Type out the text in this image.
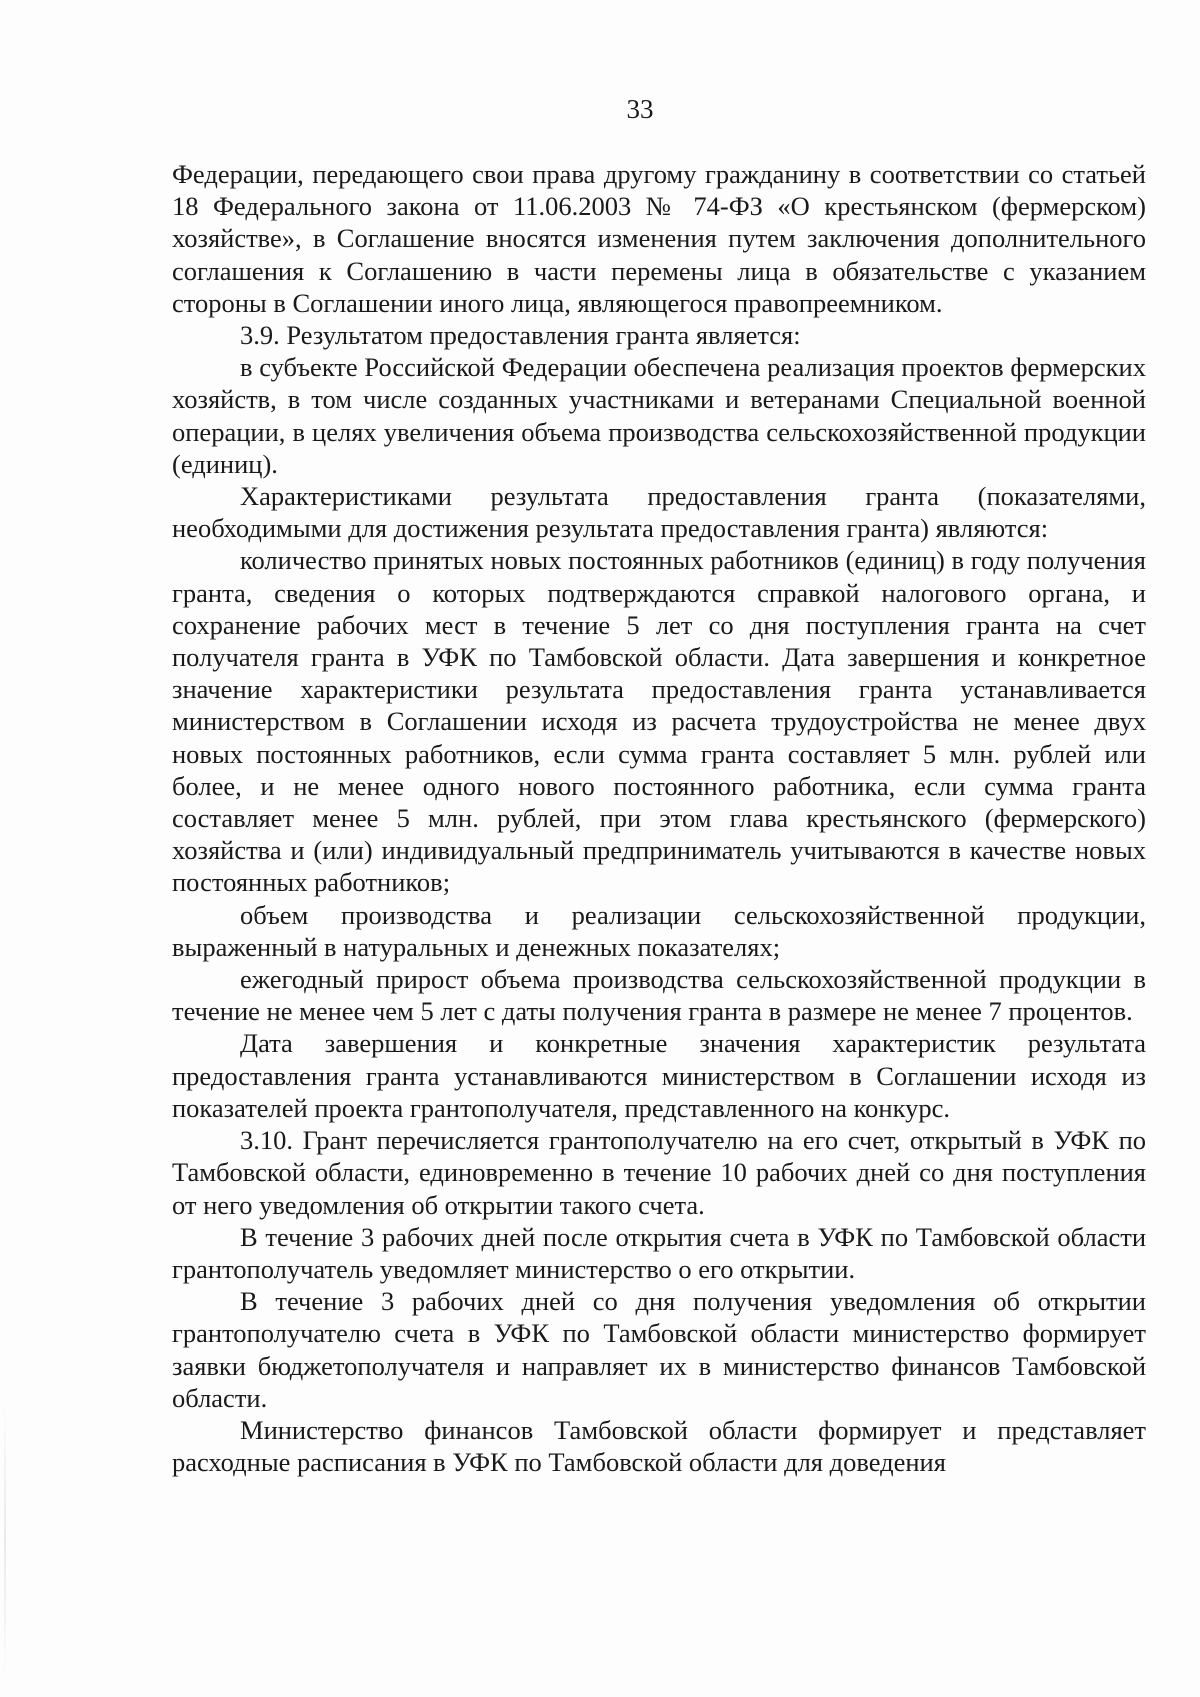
33

Федерации, передающего свои права другому гражданину в соответствии со статьей 18 Федерального закона от 11.06.2003 № 74-ФЗ «О крестьянском (фермерском) хозяйстве», в Соглашение вносятся изменения путем заключения дополнительного соглашения к Соглашению в части перемены лица в обязательстве с указанием стороны в Соглашении иного лица, являющегося правопреемником.

3.9. Результатом предоставления гранта является:

в субъекте Российской Федерации обеспечена реализация проектов фермерских хозяйств, в том числе созданных участниками и ветеранами Специальной военной операции, в целях увеличения объема производства сельскохозяйственной продукции (единиц).

Характеристиками результата предоставления гранта (показателями, необходимыми для достижения результата предоставления гранта) являются:

количество принятых новых постоянных работников (единиц) в году получения гранта, сведения о которых подтверждаются справкой налогового органа, и сохранение рабочих мест в течение 5 лет со дня поступления гранта на счет получателя гранта в УФК по Тамбовской области. Дата завершения и конкретное значение характеристики результата предоставления гранта устанавливается министерством в Соглашении исходя из расчета трудоустройства не менее двух новых постоянных работников, если сумма гранта составляет 5 млн. рублей или более, и не менее одного нового постоянного работника, если сумма гранта составляет менее 5 млн. рублей, при этом глава крестьянского (фермерского) хозяйства и (или) индивидуальный предприниматель учитываются в качестве новых постоянных работников;

объем производства и реализации сельскохозяйственной продукции, выраженный в натуральных и денежных показателях;

ежегодный прирост объема производства сельскохозяйственной продукции в течение не менее чем 5 лет с даты получения гранта в размере не менее 7 процентов.

Дата завершения и конкретные значения характеристик результата предоставления гранта устанавливаются министерством в Соглашении исходя из показателей проекта грантополучателя, представленного на конкурс.

3.10. Грант перечисляется грантополучателю на его счет, открытый в УФК по Тамбовской области, единовременно в течение 10 рабочих дней со дня поступления от него уведомления об открытии такого счета.

В течение 3 рабочих дней после открытия счета в УФК по Тамбовской области грантополучатель уведомляет министерство о его открытии.

В течение 3 рабочих дней со дня получения уведомления об открытии грантополучателю счета в УФК по Тамбовской области министерство формирует заявки бюджетополучателя и направляет их в министерство финансов Тамбовской области.

Министерство финансов Тамбовской области формирует и представляет расходные расписания в УФК по Тамбовской области для доведения
